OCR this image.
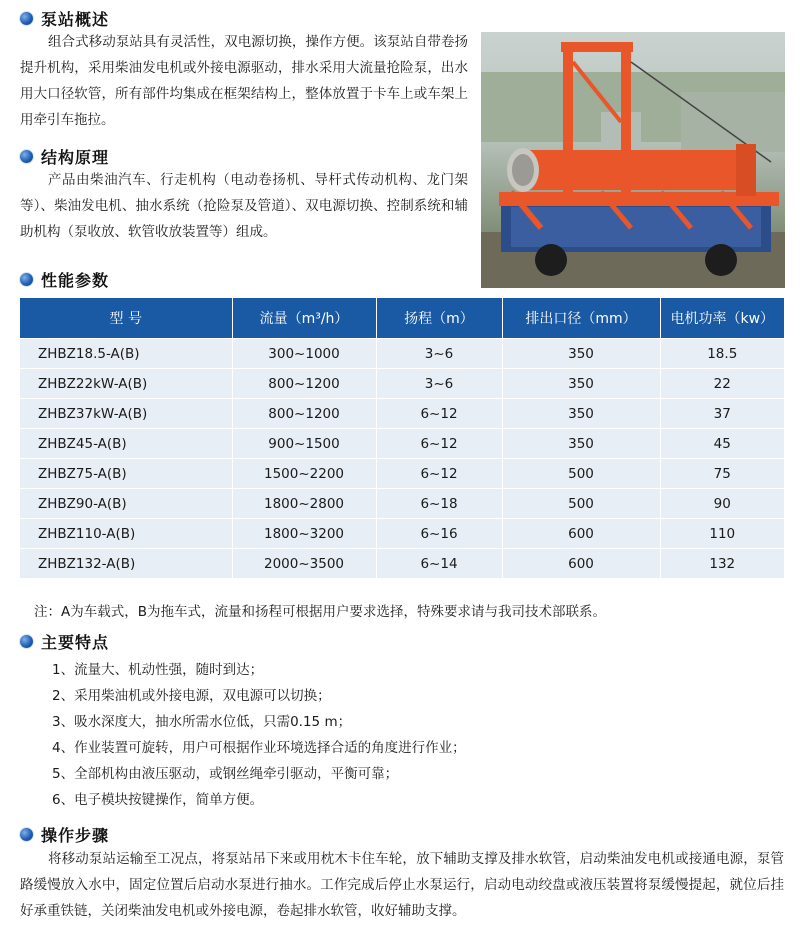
泵站概述

组合式移动泵站具有灵活性，双电源切换，操作方便。该泵站自带卷扬提升机构，采用柴油发电机或外接电源驱动，排水采用大流量抢险泵，出水用大口径软管，所有部件均集成在框架结构上，整体放置于卡车上或车架上用牵引车拖拉。

结构原理

产品由柴油汽车、行走机构（电动卷扬机、导杆式传动机构、龙门架等）、柴油发电机、抽水系统（抢险泵及管道）、双电源切换、控制系统和辅助机构（泵收放、软管收放装置等）组成。

性能参数
型 号	流量（m³/h）	扬程（m）	排出口径（mm）	电机功率（kw）
ZHBZ18.5-A(B)	300~1000	3~6	350	18.5
ZHBZ22kW-A(B)	800~1200	3~6	350	22
ZHBZ37kW-A(B)	800~1200	6~12	350	37
ZHBZ45-A(B)	900~1500	6~12	350	45
ZHBZ75-A(B)	1500~2200	6~12	500	75
ZHBZ90-A(B)	1800~2800	6~18	500	90
ZHBZ110-A(B)	1800~3200	6~16	600	110
ZHBZ132-A(B)	2000~3500	6~14	600	132
注：A为车载式，B为拖车式，流量和扬程可根据用户要求选择，特殊要求请与我司技术部联系。
主要特点

1、流量大、机动性强，随时到达；

2、采用柴油机或外接电源，双电源可以切换；

3、吸水深度大，抽水所需水位低，只需0.15 m；

4、作业装置可旋转，用户可根据作业环境选择合适的角度进行作业；

5、全部机构由液压驱动，或钢丝绳牵引驱动，平衡可靠；

6、电子模块按键操作，简单方便。

操作步骤

将移动泵站运输至工况点，将泵站吊下来或用枕木卡住车轮，放下辅助支撑及排水软管，启动柴油发电机或接通电源，泵管路缓慢放入水中，固定位置后启动水泵进行抽水。工作完成后停止水泵运行，启动电动绞盘或液压装置将泵缓慢提起，就位后挂好承重铁链，关闭柴油发电机或外接电源，卷起排水软管，收好辅助支撑。
